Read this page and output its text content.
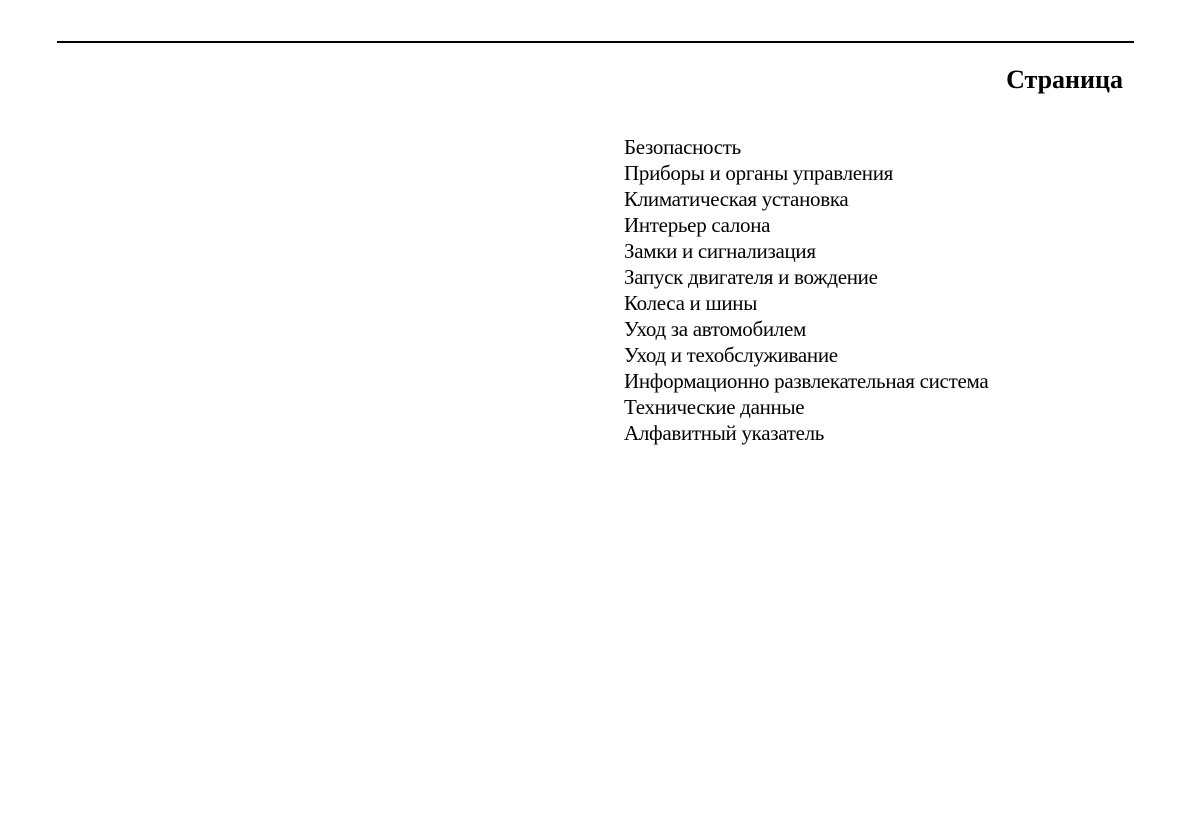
Страница
Безопасность
Приборы и органы управления
Климатическая установка
Интерьер салона
Замки и сигнализация
Запуск двигателя и вождение
Колеса и шины
Уход за автомобилем
Уход и техобслуживание
Информационно развлекательная система
Технические данные
Алфавитный указатель
